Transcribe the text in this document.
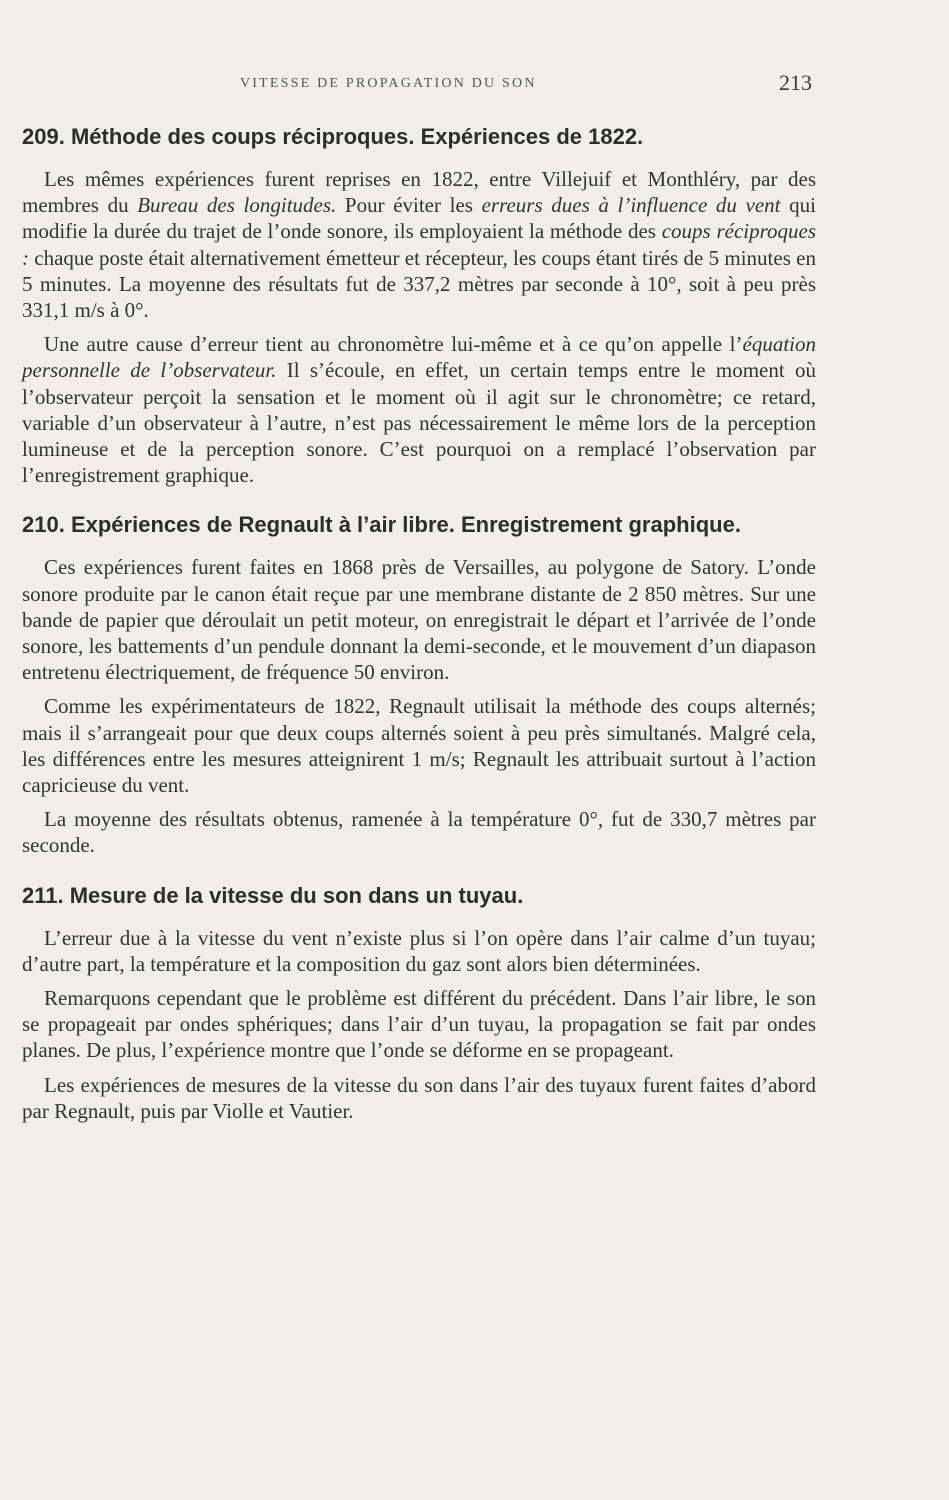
VITESSE DE PROPAGATION DU SON	213
209. Méthode des coups réciproques. Expériences de 1822.

Les mêmes expériences furent reprises en 1822, entre Villejuif et Monthléry, par des membres du Bureau des longitudes. Pour éviter les erreurs dues à l’influence du vent qui modifie la durée du trajet de l’onde sonore, ils employaient la méthode des coups réciproques : chaque poste était alternativement émetteur et récepteur, les coups étant tirés de 5 minutes en 5 minutes. La moyenne des résultats fut de 337,2 mètres par seconde à 10°, soit à peu près 331,1 m/s à 0°.

Une autre cause d’erreur tient au chronomètre lui-même et à ce qu’on appelle l’équation personnelle de l’observateur. Il s’écoule, en effet, un certain temps entre le moment où l’observateur perçoit la sensation et le moment où il agit sur le chronomètre; ce retard, variable d’un observateur à l’autre, n’est pas nécessairement le même lors de la perception lumineuse et de la perception sonore. C’est pourquoi on a remplacé l’observation par l’enregistrement graphique.

210. Expériences de Regnault à l’air libre. Enregistrement graphique.

Ces expériences furent faites en 1868 près de Versailles, au polygone de Satory. L’onde sonore produite par le canon était reçue par une membrane distante de 2 850 mètres. Sur une bande de papier que déroulait un petit moteur, on enregistrait le départ et l’arrivée de l’onde sonore, les battements d’un pendule donnant la demi-seconde, et le mouvement d’un diapason entretenu électriquement, de fréquence 50 environ.

Comme les expérimentateurs de 1822, Regnault utilisait la méthode des coups alternés; mais il s’arrangeait pour que deux coups alternés soient à peu près simultanés. Malgré cela, les différences entre les mesures atteignirent 1 m/s; Regnault les attribuait surtout à l’action capricieuse du vent.

La moyenne des résultats obtenus, ramenée à la température 0°, fut de 330,7 mètres par seconde.

211. Mesure de la vitesse du son dans un tuyau.

L’erreur due à la vitesse du vent n’existe plus si l’on opère dans l’air calme d’un tuyau; d’autre part, la température et la composition du gaz sont alors bien déterminées.

Remarquons cependant que le problème est différent du précédent. Dans l’air libre, le son se propageait par ondes sphériques; dans l’air d’un tuyau, la propagation se fait par ondes planes. De plus, l’expérience montre que l’onde se déforme en se propageant.

Les expériences de mesures de la vitesse du son dans l’air des tuyaux furent faites d’abord par Regnault, puis par Violle et Vautier.
